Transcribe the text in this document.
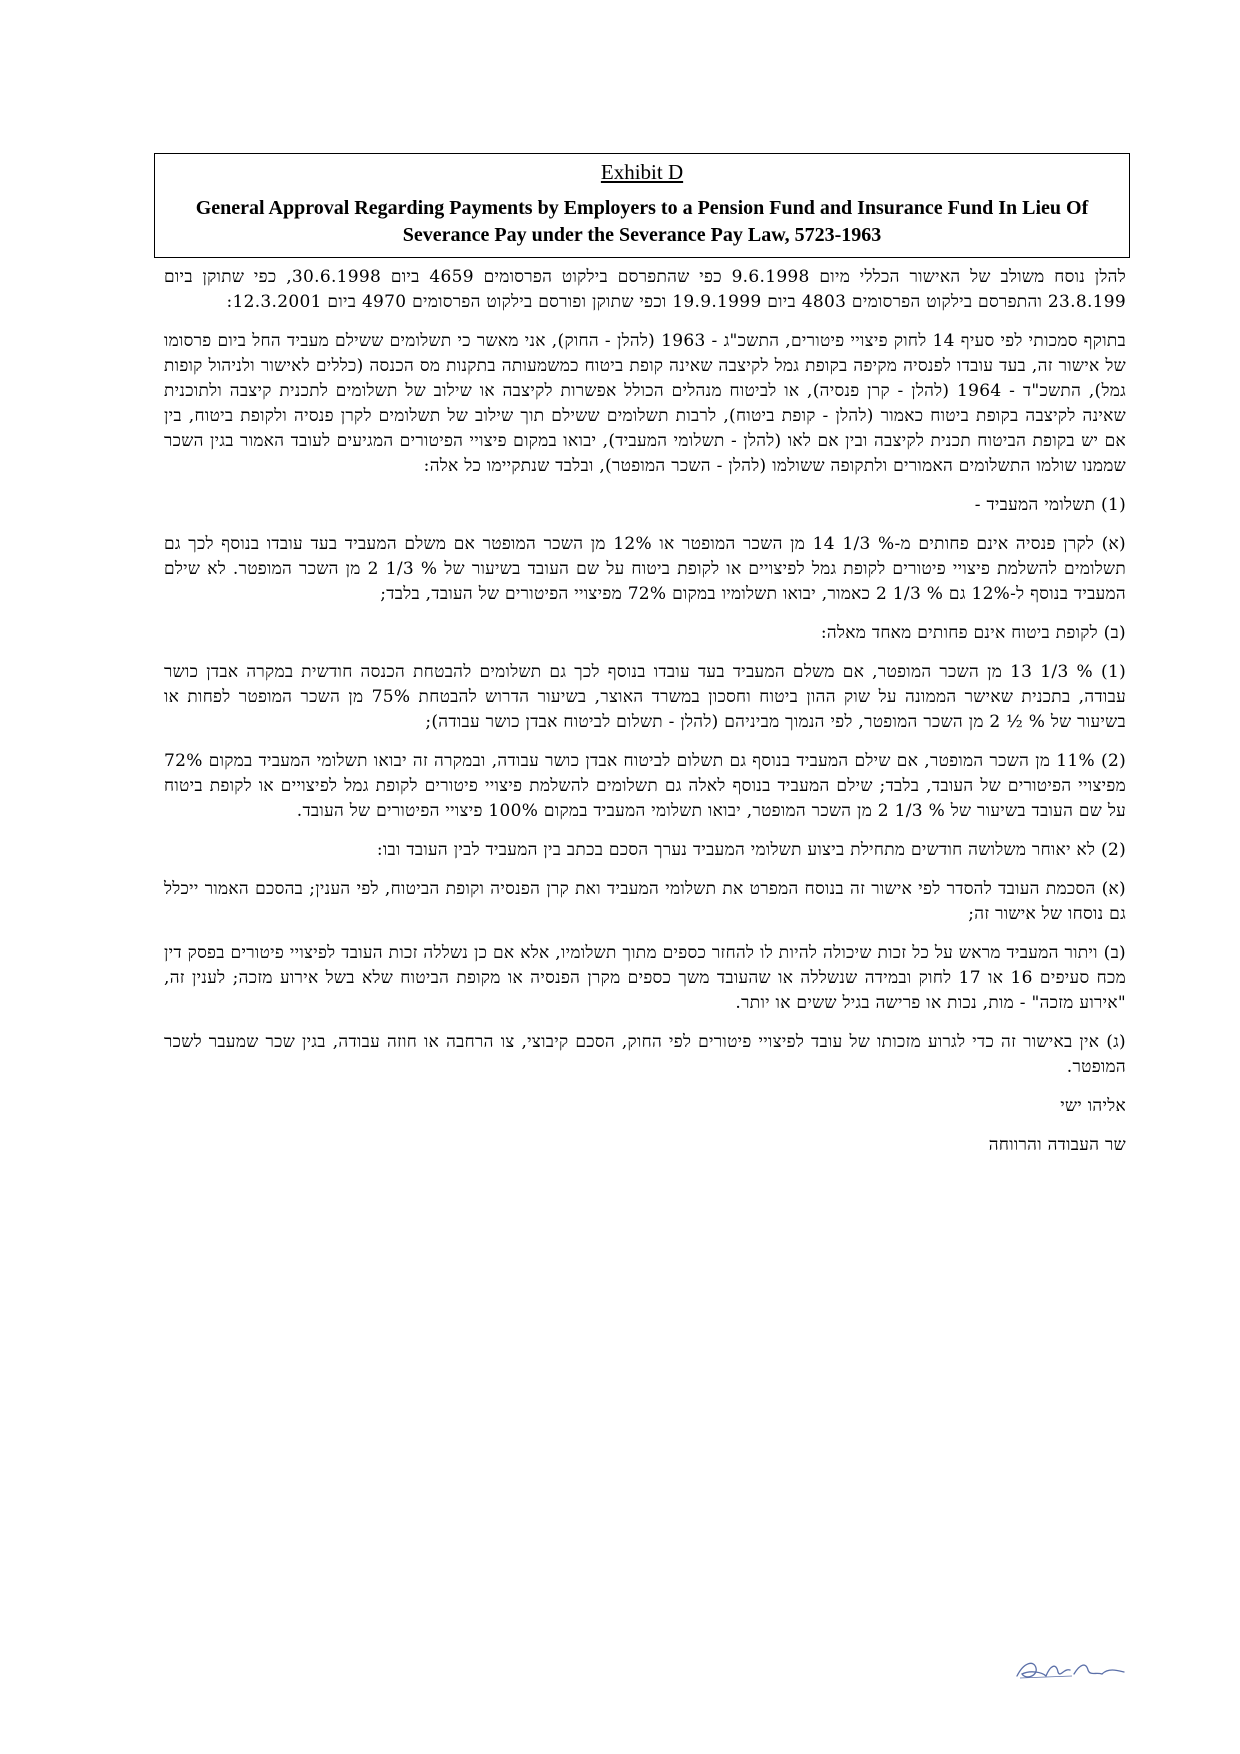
Exhibit D
General Approval Regarding Payments by Employers to a Pension Fund and Insurance Fund In Lieu Of Severance Pay under the Severance Pay Law, 5723-1963

להלן נוסח משולב של האישור הכללי מיום 9.6.1998 כפי שהתפרסם בילקוט הפרסומים 4659 ביום 30.6.1998, כפי שתוקן ביום 23.8.199 והתפרסם בילקוט הפרסומים 4803 ביום 19.9.1999 וכפי שתוקן ופורסם בילקוט הפרסומים 4970 ביום 12.3.2001:

בתוקף סמכותי לפי סעיף 14 לחוק פיצויי פיטורים, התשכ"ג - 1963 (להלן - החוק), אני מאשר כי תשלומים ששילם מעביד החל ביום פרסומו של אישור זה, בעד עובדו לפנסיה מקיפה בקופת גמל לקיצבה שאינה קופת ביטוח כמשמעותה בתקנות מס הכנסה (כללים לאישור ולניהול קופות גמל), התשכ"ד - 1964 (להלן - קרן פנסיה), או לביטוח מנהלים הכולל אפשרות לקיצבה או שילוב של תשלומים לתכנית קיצבה ולתוכנית שאינה לקיצבה בקופת ביטוח כאמור (להלן - קופת ביטוח), לרבות תשלומים ששילם תוך שילוב של תשלומים לקרן פנסיה ולקופת ביטוח, בין אם יש בקופת הביטוח תכנית לקיצבה ובין אם לאו (להלן - תשלומי המעביד), יבואו במקום פיצויי הפיטורים המגיעים לעובד האמור בגין השכר שממנו שולמו התשלומים האמורים ולתקופה ששולמו (להלן - השכר המופטר), ובלבד שנתקיימו כל אלה:

(1) תשלומי המעביד -

(א) לקרן פנסיה אינם פחותים מ-% 1/3 14 מן השכר המופטר או 12% מן השכר המופטר אם משלם המעביד בעד עובדו בנוסף לכך גם תשלומים להשלמת פיצויי פיטורים לקופת גמל לפיצויים או לקופת ביטוח על שם העובד בשיעור של % 1/3 2 מן השכר המופטר. לא שילם המעביד בנוסף ל-12% גם % 1/3 2 כאמור, יבואו תשלומיו במקום 72% מפיצויי הפיטורים של העובד, בלבד;

(ב) לקופת ביטוח אינם פחותים מאחד מאלה:

(1) % 1/3 13 מן השכר המופטר, אם משלם המעביד בעד עובדו בנוסף לכך גם תשלומים להבטחת הכנסה חודשית במקרה אבדן כושר עבודה, בתכנית שאישר הממונה על שוק ההון ביטוח וחסכון במשרד האוצר, בשיעור הדרוש להבטחת 75% מן השכר המופטר לפחות או בשיעור של % ½ 2 מן השכר המופטר, לפי הנמוך מביניהם (להלן - תשלום לביטוח אבדן כושר עבודה);

(2) 11% מן השכר המופטר, אם שילם המעביד בנוסף גם תשלום לביטוח אבדן כושר עבודה, ובמקרה זה יבואו תשלומי המעביד במקום 72% מפיצויי הפיטורים של העובד, בלבד; שילם המעביד בנוסף לאלה גם תשלומים להשלמת פיצויי פיטורים לקופת גמל לפיצויים או לקופת ביטוח על שם העובד בשיעור של % 1/3 2 מן השכר המופטר, יבואו תשלומי המעביד במקום 100% פיצויי הפיטורים של העובד.

(2) לא יאוחר משלושה חודשים מתחילת ביצוע תשלומי המעביד נערך הסכם בכתב בין המעביד לבין העובד ובו:

(א) הסכמת העובד להסדר לפי אישור זה בנוסח המפרט את תשלומי המעביד ואת קרן הפנסיה וקופת הביטוח, לפי הענין; בהסכם האמור ייכלל גם נוסחו של אישור זה;

(ב) ויתור המעביד מראש על כל זכות שיכולה להיות לו להחזר כספים מתוך תשלומיו, אלא אם כן נשללה זכות העובד לפיצויי פיטורים בפסק דין מכח סעיפים 16 או 17 לחוק ובמידה שנשללה או שהעובד משך כספים מקרן הפנסיה או מקופת הביטוח שלא בשל אירוע מזכה; לענין זה, "אירוע מזכה" - מות, נכות או פרישה בגיל ששים או יותר.

(ג) אין באישור זה כדי לגרוע מזכותו של עובד לפיצויי פיטורים לפי החוק, הסכם קיבוצי, צו הרחבה או חוזה עבודה, בגין שכר שמעבר לשכר המופטר.

אליהו ישי

שר העבודה והרווחה
